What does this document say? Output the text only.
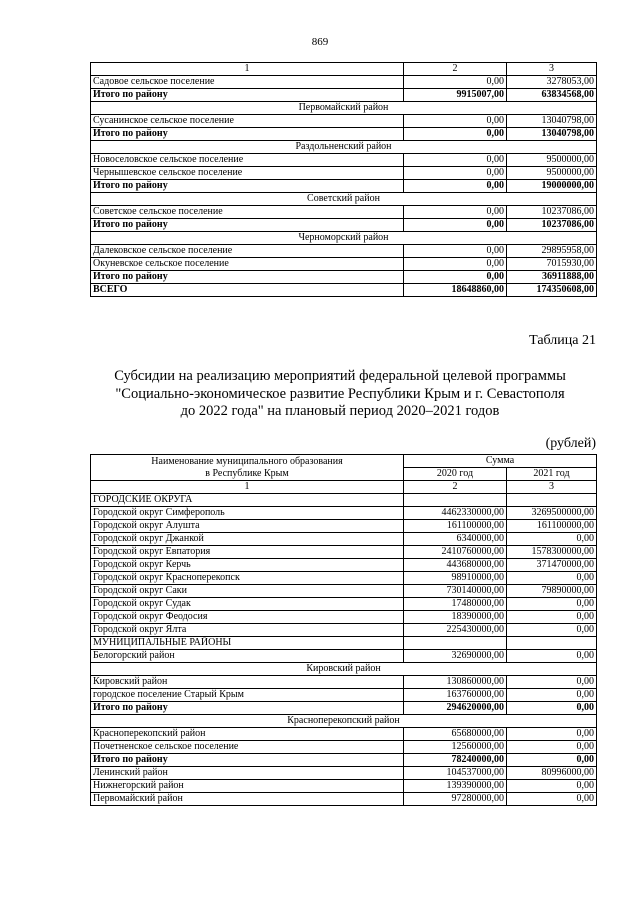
869
1	2	3
Садовое сельское поселение	0,00	3278053,00
Итого по району	9915007,00	63834568,00
Первомайский район		
Сусанинское сельское поселение	0,00	13040798,00
Итого по району	0,00	13040798,00
Раздольненский район		
Новоселовское сельское поселение	0,00	9500000,00
Чернышевское сельское поселение	0,00	9500000,00
Итого по району	0,00	19000000,00
Советский район		
Советское сельское поселение	0,00	10237086,00
Итого по району	0,00	10237086,00
Черноморский район		
Далековское сельское поселение	0,00	29895958,00
Окуневское сельское поселение	0,00	7015930,00
Итого по району	0,00	36911888,00
ВСЕГО	18648860,00	174350608,00
Таблица 21
Субсидии на реализацию мероприятий федеральной целевой программы
"Социально-экономическое развитие Республики Крым и г. Севастополя
до 2022 года" на плановый период 2020–2021 годов
(рублей)
Наименование муниципального образования
в Республике Крым	Сумма	
	2020 год	2021 год
1	2	3
ГОРОДСКИЕ ОКРУГА		
Городской округ Симферополь	4462330000,00	3269500000,00
Городской округ Алушта	161100000,00	161100000,00
Городской округ Джанкой	6340000,00	0,00
Городской округ Евпатория	2410760000,00	1578300000,00
Городской округ Керчь	443680000,00	371470000,00
Городской округ Красноперекопск	98910000,00	0,00
Городской округ Саки	730140000,00	79890000,00
Городской округ Судак	17480000,00	0,00
Городской округ Феодосия	18390000,00	0,00
Городской округ Ялта	225430000,00	0,00
МУНИЦИПАЛЬНЫЕ РАЙОНЫ		
Белогорский район	32690000,00	0,00
Кировский район		
Кировский район	130860000,00	0,00
городское поселение Старый Крым	163760000,00	0,00
Итого по району	294620000,00	0,00
Красноперекопский район		
Красноперекопский район	65680000,00	0,00
Почетненское сельское поселение	12560000,00	0,00
Итого по району	78240000,00	0,00
Ленинский район	104537000,00	80996000,00
Нижнегорский район	139390000,00	0,00
Первомайский район	97280000,00	0,00
